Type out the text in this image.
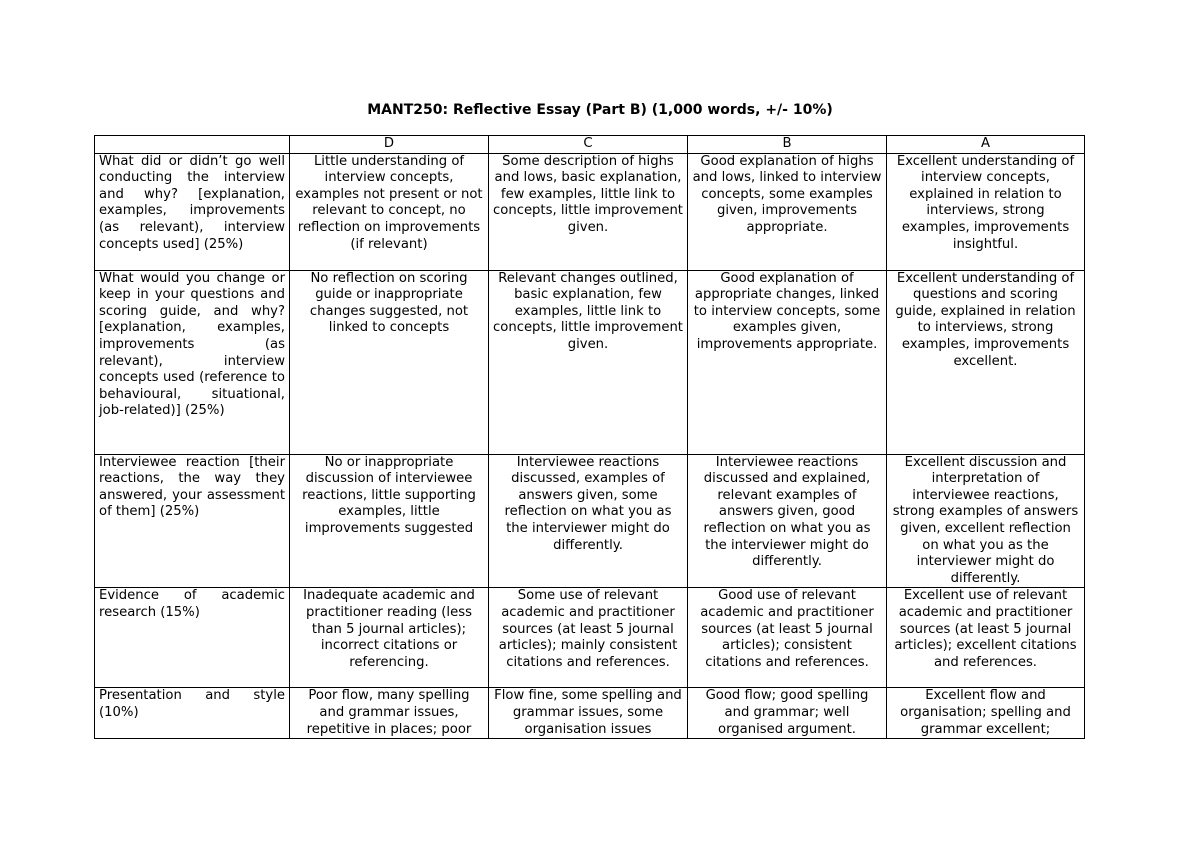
MANT250: Reflective Essay (Part B) (1,000 words, +/- 10%)
	D	C	B	A
What did or didn’t go well conducting the interview and why? [explanation, examples, improvements (as relevant), interview concepts used] (25%)	Little understanding of interview concepts, examples not present or not relevant to concept, no reflection on improvements (if relevant)	Some description of highs and lows, basic explanation, few examples, little link to concepts, little improvement given.	Good explanation of highs and lows, linked to interview concepts, some examples given, improvements appropriate.	Excellent understanding of interview concepts, explained in relation to interviews, strong examples, improvements insightful.
What would you change or keep in your questions and scoring guide, and why? [explanation, examples, improvements (as relevant), interview concepts used (reference to behavioural, situational, job-related)] (25%)	No reflection on scoring guide or inappropriate changes suggested, not linked to concepts	Relevant changes outlined, basic explanation, few examples, little link to concepts, little improvement given.	Good explanation of appropriate changes, linked to interview concepts, some examples given, improvements appropriate.	Excellent understanding of questions and scoring guide, explained in relation to interviews, strong examples, improvements excellent.
Interviewee reaction [their reactions, the way they answered, your assessment of them] (25%)	No or inappropriate discussion of interviewee reactions, little supporting examples, little improvements suggested	Interviewee reactions discussed, examples of answers given, some reflection on what you as the interviewer might do differently.	Interviewee reactions discussed and explained, relevant examples of answers given, good reflection on what you as the interviewer might do differently.	Excellent discussion and interpretation of interviewee reactions, strong examples of answers given, excellent reflection on what you as the interviewer might do differently.
Evidence of academic research (15%)	Inadequate academic and practitioner reading (less than 5 journal articles); incorrect citations or referencing.	Some use of relevant academic and practitioner sources (at least 5 journal articles); mainly consistent citations and references.	Good use of relevant academic and practitioner sources (at least 5 journal articles); consistent citations and references.	Excellent use of relevant academic and practitioner sources (at least 5 journal articles); excellent citations and references.
Presentation and style (10%)	Poor flow, many spelling and grammar issues, repetitive in places; poor	Flow fine, some spelling and grammar issues, some organisation issues	Good flow; good spelling and grammar; well organised argument.	Excellent flow and organisation; spelling and grammar excellent;
